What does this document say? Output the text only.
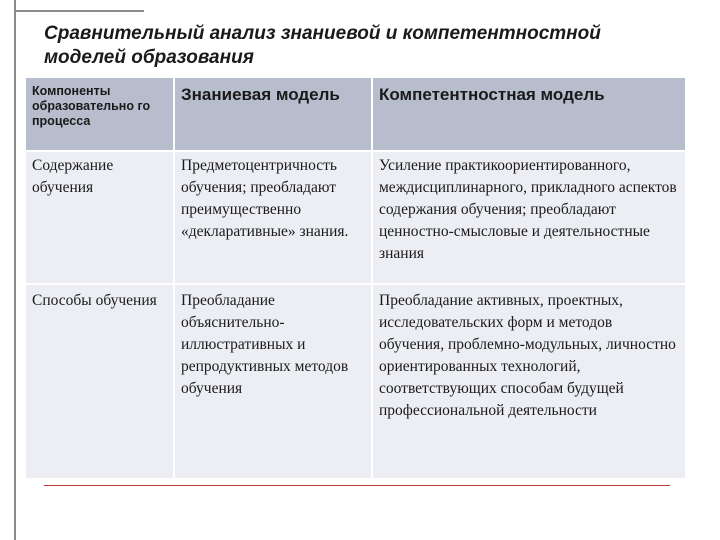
Сравнительный анализ знаниевой и компетентностной
моделей образования
Компоненты образовательно го процесса	Знаниевая модель	Компетентностная модель
Содержание обучения	Предметоцентричность обучения; преобладают преимущественно «декларативные» знания.	Усиление практикоориентированного, междисциплинарного, прикладного аспектов содержания обучения; преобладают ценностно-смысловые и деятельностные знания
Способы обучения	Преобладание объяснительно-иллюстративных и репродуктивных методов обучения	Преобладание активных, проектных, исследовательских форм и методов обучения, проблемно-модульных, личностно ориентированных технологий, соответствующих способам будущей профессиональной деятельности
